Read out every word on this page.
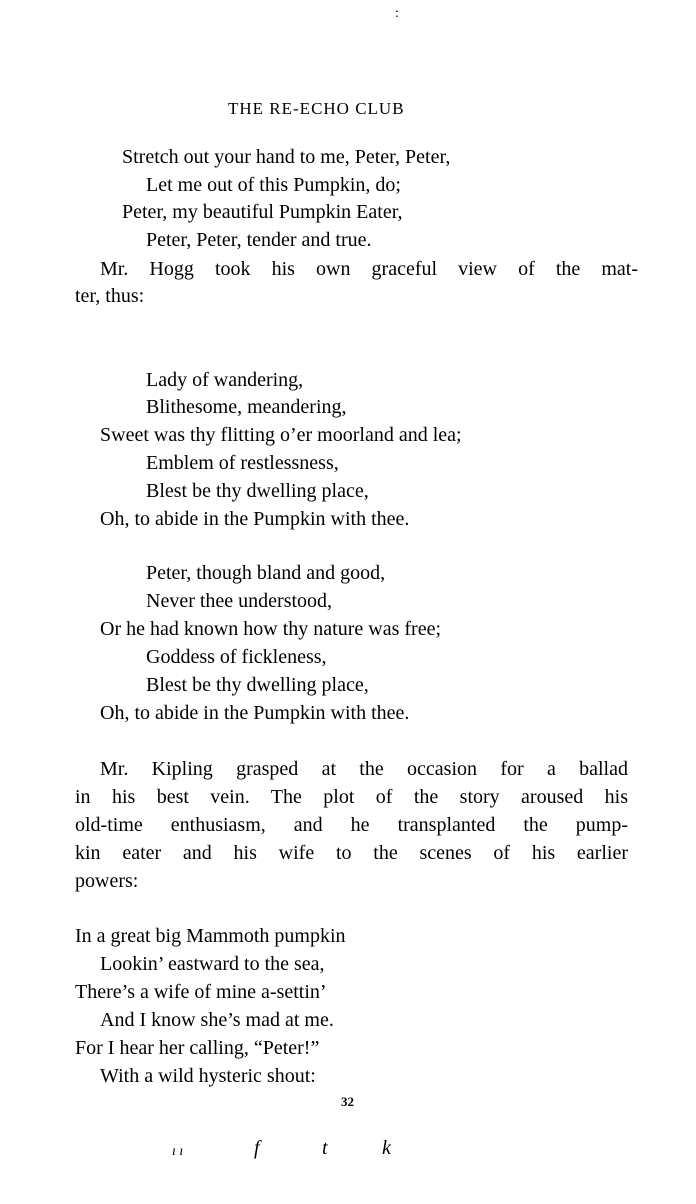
:
THE RE-ECHO CLUB
Stretch out your hand to me, Peter, Peter,
Let me out of this Pumpkin, do;
Peter, my beautiful Pumpkin Eater,
Peter, Peter, tender and true.
Mr. Hogg took his own graceful view of the mat-
ter, thus:
Lady of wandering,
Blithesome, meandering,
Sweet was thy flitting o’er moorland and lea;
Emblem of restlessness,
Blest be thy dwelling place,
Oh, to abide in the Pumpkin with thee.
Peter, though bland and good,
Never thee understood,
Or he had known how thy nature was free;
Goddess of fickleness,
Blest be thy dwelling place,
Oh, to abide in the Pumpkin with thee.
Mr. Kipling grasped at the occasion for a ballad
in his best vein. The plot of the story aroused his
old-time enthusiasm, and he transplanted the pump-
kin eater and his wife to the scenes of his earlier
powers:
In a great big Mammoth pumpkin
Lookin’ eastward to the sea,
There’s a wife of mine a-settin’
And I know she’s mad at me.
For I hear her calling, “Peter!”
With a wild hysteric shout:
32
ı ı	f	t	k
